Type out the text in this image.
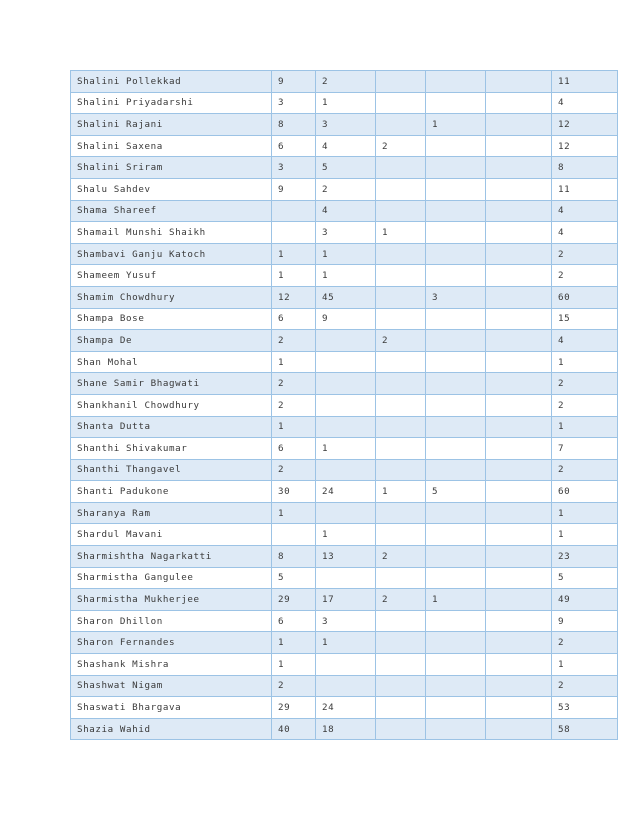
Shalini Pollekkad	9	2				11
Shalini Priyadarshi	3	1				4
Shalini Rajani	8	3		1		12
Shalini Saxena	6	4	2			12
Shalini Sriram	3	5				8
Shalu Sahdev	9	2				11
Shama Shareef		4				4
Shamail Munshi Shaikh		3	1			4
Shambavi Ganju Katoch	1	1				2
Shameem Yusuf	1	1				2
Shamim Chowdhury	12	45		3		60
Shampa Bose	6	9				15
Shampa De	2		2			4
Shan Mohal	1					1
Shane Samir Bhagwati	2					2
Shankhanil Chowdhury	2					2
Shanta Dutta	1					1
Shanthi Shivakumar	6	1				7
Shanthi Thangavel	2					2
Shanti Padukone	30	24	1	5		60
Sharanya Ram	1					1
Shardul Mavani		1				1
Sharmishtha Nagarkatti	8	13	2			23
Sharmistha Gangulee	5					5
Sharmistha Mukherjee	29	17	2	1		49
Sharon Dhillon	6	3				9
Sharon Fernandes	1	1				2
Shashank Mishra	1					1
Shashwat Nigam	2					2
Shaswati Bhargava	29	24				53
Shazia Wahid	40	18				58
